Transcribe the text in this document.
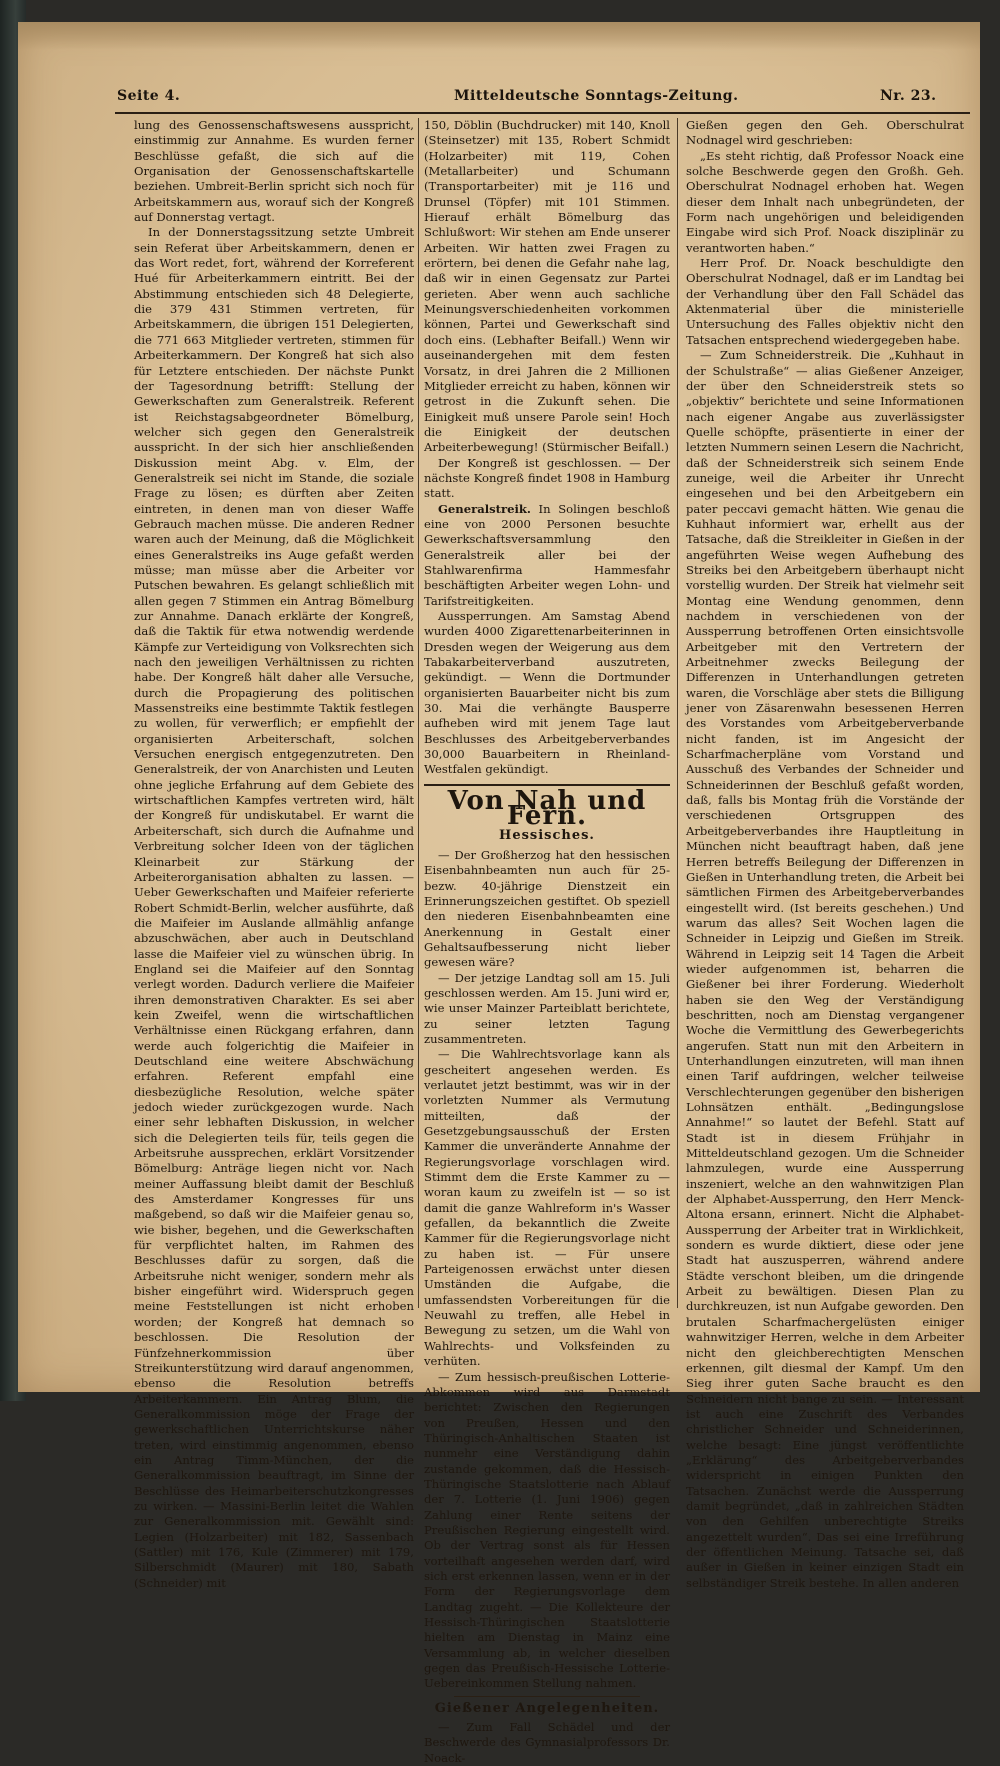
Seite 4.	Mitteldeutsche Sonntags-Zeitung.	Nr. 23.

lung des Genossenschaftswesens ausspricht, einstimmig zur Annahme. Es wurden ferner Beschlüsse gefaßt, die sich auf die Organisation der Genossenschaftskartelle beziehen. Umbreit-Berlin spricht sich noch für Arbeitskammern aus, worauf sich der Kongreß auf Donnerstag vertagt.

In der Donnerstagssitzung setzte Umbreit sein Referat über Arbeitskammern, denen er das Wort redet, fort, während der Korreferent Hué für Arbeiterkammern eintritt. Bei der Abstimmung entschieden sich 48 Delegierte, die 379 431 Stimmen vertreten, für Arbeitskammern, die übrigen 151 Delegierten, die 771 663 Mitglieder vertreten, stimmen für Arbeiterkammern. Der Kongreß hat sich also für Letztere entschieden. Der nächste Punkt der Tagesordnung betrifft: Stellung der Gewerkschaften zum Generalstreik. Referent ist Reichstagsabgeordneter Bömelburg, welcher sich gegen den Generalstreik ausspricht. In der sich hier anschließenden Diskussion meint Abg. v. Elm, der Generalstreik sei nicht im Stande, die soziale Frage zu lösen; es dürften aber Zeiten eintreten, in denen man von dieser Waffe Gebrauch machen müsse. Die anderen Redner waren auch der Meinung, daß die Möglichkeit eines Generalstreiks ins Auge gefaßt werden müsse; man müsse aber die Arbeiter vor Putschen bewahren. Es gelangt schließlich mit allen gegen 7 Stimmen ein Antrag Bömelburg zur Annahme. Danach erklärte der Kongreß, daß die Taktik für etwa notwendig werdende Kämpfe zur Verteidigung von Volksrechten sich nach den jeweiligen Verhältnissen zu richten habe. Der Kongreß hält daher alle Versuche, durch die Propagierung des politischen Massenstreiks eine bestimmte Taktik festlegen zu wollen, für verwerflich; er empfiehlt der organisierten Arbeiterschaft, solchen Versuchen energisch entgegenzutreten. Den Generalstreik, der von Anarchisten und Leuten ohne jegliche Erfahrung auf dem Gebiete des wirtschaftlichen Kampfes vertreten wird, hält der Kongreß für undiskutabel. Er warnt die Arbeiterschaft, sich durch die Aufnahme und Verbreitung solcher Ideen von der täglichen Kleinarbeit zur Stärkung der Arbeiterorganisation abhalten zu lassen. — Ueber Gewerkschaften und Maifeier referierte Robert Schmidt-Berlin, welcher ausführte, daß die Maifeier im Auslande allmählig anfange abzuschwächen, aber auch in Deutschland lasse die Maifeier viel zu wünschen übrig. In England sei die Maifeier auf den Sonntag verlegt worden. Dadurch verliere die Maifeier ihren demonstrativen Charakter. Es sei aber kein Zweifel, wenn die wirtschaftlichen Verhältnisse einen Rückgang erfahren, dann werde auch folgerichtig die Maifeier in Deutschland eine weitere Abschwächung erfahren. Referent empfahl eine diesbezügliche Resolution, welche später jedoch wieder zurückgezogen wurde. Nach einer sehr lebhaften Diskussion, in welcher sich die Delegierten teils für, teils gegen die Arbeitsruhe aussprechen, erklärt Vorsitzender Bömelburg: Anträge liegen nicht vor. Nach meiner Auffassung bleibt damit der Beschluß des Amsterdamer Kongresses für uns maßgebend, so daß wir die Maifeier genau so, wie bisher, begehen, und die Gewerkschaften für verpflichtet halten, im Rahmen des Beschlusses dafür zu sorgen, daß die Arbeitsruhe nicht weniger, sondern mehr als bisher eingeführt wird. Widerspruch gegen meine Feststellungen ist nicht erhoben worden; der Kongreß hat demnach so beschlossen. Die Resolution der Fünfzehnerkommission über Streikunterstützung wird darauf angenommen, ebenso die Resolution betreffs Arbeiterkammern. Ein Antrag Blum, die Generalkommission möge der Frage der gewerkschaftlichen Unterrichtskurse näher treten, wird einstimmig angenommen, ebenso ein Antrag Timm-München, der die Generalkommission beauftragt, im Sinne der Beschlüsse des Heimarbeiterschutzkongresses zu wirken. — Massini-Berlin leitet die Wahlen zur Generalkommission mit. Gewählt sind: Legien (Holzarbeiter) mit 182, Sassenbach (Sattler) mit 176, Kule (Zimmerer) mit 179, Silberschmidt (Maurer) mit 180, Sabath (Schneider) mit

150, Döblin (Buchdrucker) mit 140, Knoll (Steinsetzer) mit 135, Robert Schmidt (Holzarbeiter) mit 119, Cohen (Metallarbeiter) und Schumann (Transportarbeiter) mit je 116 und Drunsel (Töpfer) mit 101 Stimmen. Hierauf erhält Bömelburg das Schlußwort: Wir stehen am Ende unserer Arbeiten. Wir hatten zwei Fragen zu erörtern, bei denen die Gefahr nahe lag, daß wir in einen Gegensatz zur Partei gerieten. Aber wenn auch sachliche Meinungsverschiedenheiten vorkommen können, Partei und Gewerkschaft sind doch eins. (Lebhafter Beifall.) Wenn wir auseinandergehen mit dem festen Vorsatz, in drei Jahren die 2 Millionen Mitglieder erreicht zu haben, können wir getrost in die Zukunft sehen. Die Einigkeit muß unsere Parole sein! Hoch die Einigkeit der deutschen Arbeiterbewegung! (Stürmischer Beifall.)

Der Kongreß ist geschlossen. — Der nächste Kongreß findet 1908 in Hamburg statt.

Generalstreik. In Solingen beschloß eine von 2000 Personen besuchte Gewerkschaftsversammlung den Generalstreik aller bei der Stahlwarenfirma Hammesfahr beschäftigten Arbeiter wegen Lohn- und Tarifstreitigkeiten.

Aussperrungen. Am Samstag Abend wurden 4000 Zigarettenarbeiterinnen in Dresden wegen der Weigerung aus dem Tabakarbeiterverband auszutreten, gekündigt. — Wenn die Dortmunder organisierten Bauarbeiter nicht bis zum 30. Mai die verhängte Bausperre aufheben wird mit jenem Tage laut Beschlusses des Arbeitgeberverbandes 30,000 Bauarbeitern in Rheinland-Westfalen gekündigt.

Von Nah und Fern.
Hessisches.

— Der Großherzog hat den hessischen Eisenbahnbeamten nun auch für 25- bezw. 40-jährige Dienstzeit ein Erinnerungszeichen gestiftet. Ob speziell den niederen Eisenbahnbeamten eine Anerkennung in Gestalt einer Gehaltsaufbesserung nicht lieber gewesen wäre?

— Der jetzige Landtag soll am 15. Juli geschlossen werden. Am 15. Juni wird er, wie unser Mainzer Parteiblatt berichtete, zu seiner letzten Tagung zusammentreten.

— Die Wahlrechtsvorlage kann als gescheitert angesehen werden. Es verlautet jetzt bestimmt, was wir in der vorletzten Nummer als Vermutung mitteilten, daß der Gesetzgebungsausschuß der Ersten Kammer die unveränderte Annahme der Regierungsvorlage vorschlagen wird. Stimmt dem die Erste Kammer zu — woran kaum zu zweifeln ist — so ist damit die ganze Wahlreform in's Wasser gefallen, da bekanntlich die Zweite Kammer für die Regierungsvorlage nicht zu haben ist. — Für unsere Parteigenossen erwächst unter diesen Umständen die Aufgabe, die umfassendsten Vorbereitungen für die Neuwahl zu treffen, alle Hebel in Bewegung zu setzen, um die Wahl von Wahlrechts- und Volksfeinden zu verhüten.

— Zum hessisch-preußischen Lotterie-Abkommen wird aus Darmstadt berichtet: Zwischen den Regierungen von Preußen, Hessen und den Thüringisch-Anhaltischen Staaten ist nunmehr eine Verständigung dahin zustande gekommen, daß die Hessisch-Thüringische Staatslotterie nach Ablauf der 7. Lotterie (1. Juni 1906) gegen Zahlung einer Rente seitens der Preußischen Regierung eingestellt wird. Ob der Vertrag sonst als für Hessen vorteilhaft angesehen werden darf, wird sich erst erkennen lassen, wenn er in der Form der Regierungsvorlage dem Landtag zugeht. — Die Kollekteure der Hessisch-Thüringischen Staatslotterie hielten am Dienstag in Mainz eine Versammlung ab, in welcher dieselben gegen das Preußisch-Hessische Lotterie-Uebereinkommen Stellung nahmen.

Gießener Angelegenheiten.

— Zum Fall Schädel und der Beschwerde des Gymnasialprofessors Dr. Noack-

Gießen gegen den Geh. Oberschulrat Nodnagel wird geschrieben:

„Es steht richtig, daß Professor Noack eine solche Beschwerde gegen den Großh. Geh. Oberschulrat Nodnagel erhoben hat. Wegen dieser dem Inhalt nach unbegründeten, der Form nach ungehörigen und beleidigenden Eingabe wird sich Prof. Noack disziplinär zu verantworten haben.“

Herr Prof. Dr. Noack beschuldigte den Oberschulrat Nodnagel, daß er im Landtag bei der Verhandlung über den Fall Schädel das Aktenmaterial über die ministerielle Untersuchung des Falles objektiv nicht den Tatsachen entsprechend wiedergegeben habe.

— Zum Schneiderstreik. Die „Kuhhaut in der Schulstraße“ — alias Gießener Anzeiger, der über den Schneiderstreik stets so „objektiv“ berichtete und seine Informationen nach eigener Angabe aus zuverlässigster Quelle schöpfte, präsentierte in einer der letzten Nummern seinen Lesern die Nachricht, daß der Schneiderstreik sich seinem Ende zuneige, weil die Arbeiter ihr Unrecht eingesehen und bei den Arbeitgebern ein pater peccavi gemacht hätten. Wie genau die Kuhhaut informiert war, erhellt aus der Tatsache, daß die Streikleiter in Gießen in der angeführten Weise wegen Aufhebung des Streiks bei den Arbeitgebern überhaupt nicht vorstellig wurden. Der Streik hat vielmehr seit Montag eine Wendung genommen, denn nachdem in verschiedenen von der Aussperrung betroffenen Orten einsichtsvolle Arbeitgeber mit den Vertretern der Arbeitnehmer zwecks Beilegung der Differenzen in Unterhandlungen getreten waren, die Vorschläge aber stets die Billigung jener von Zäsarenwahn besessenen Herren des Vorstandes vom Arbeitgeberverbande nicht fanden, ist im Angesicht der Scharfmacherpläne vom Vorstand und Ausschuß des Verbandes der Schneider und Schneiderinnen der Beschluß gefaßt worden, daß, falls bis Montag früh die Vorstände der verschiedenen Ortsgruppen des Arbeitgeberverbandes ihre Hauptleitung in München nicht beauftragt haben, daß jene Herren betreffs Beilegung der Differenzen in Gießen in Unterhandlung treten, die Arbeit bei sämtlichen Firmen des Arbeitgeberverbandes eingestellt wird. (Ist bereits geschehen.) Und warum das alles? Seit Wochen lagen die Schneider in Leipzig und Gießen im Streik. Während in Leipzig seit 14 Tagen die Arbeit wieder aufgenommen ist, beharren die Gießener bei ihrer Forderung. Wiederholt haben sie den Weg der Verständigung beschritten, noch am Dienstag vergangener Woche die Vermittlung des Gewerbegerichts angerufen. Statt nun mit den Arbeitern in Unterhandlungen einzutreten, will man ihnen einen Tarif aufdringen, welcher teilweise Verschlechterungen gegenüber den bisherigen Lohnsätzen enthält. „Bedingungslose Annahme!“ so lautet der Befehl. Statt auf Stadt ist in diesem Frühjahr in Mitteldeutschland gezogen. Um die Schneider lahmzulegen, wurde eine Aussperrung inszeniert, welche an den wahnwitzigen Plan der Alphabet-Aussperrung, den Herr Menck-Altona ersann, erinnert. Nicht die Alphabet-Aussperrung der Arbeiter trat in Wirklichkeit, sondern es wurde diktiert, diese oder jene Stadt hat auszusperren, während andere Städte verschont bleiben, um die dringende Arbeit zu bewältigen. Diesen Plan zu durchkreuzen, ist nun Aufgabe geworden. Den brutalen Scharfmachergelüsten einiger wahnwitziger Herren, welche in dem Arbeiter nicht den gleichberechtigten Menschen erkennen, gilt diesmal der Kampf. Um den Sieg ihrer guten Sache braucht es den Schneidern nicht bange zu sein. — Interessant ist auch eine Zuschrift des Verbandes christlicher Schneider und Schneiderinnen, welche besagt: Eine jüngst veröffentlichte „Erklärung“ des Arbeitgeberverbandes widerspricht in einigen Punkten den Tatsachen. Zunächst werde die Aussperrung damit begründet, „daß in zahlreichen Städten von den Gehilfen unberechtigte Streiks angezettelt wurden“. Das sei eine Irreführung der öffentlichen Meinung. Tatsache sei, daß außer in Gießen in keiner einzigen Stadt ein selbständiger Streik bestehe. In allen anderen
